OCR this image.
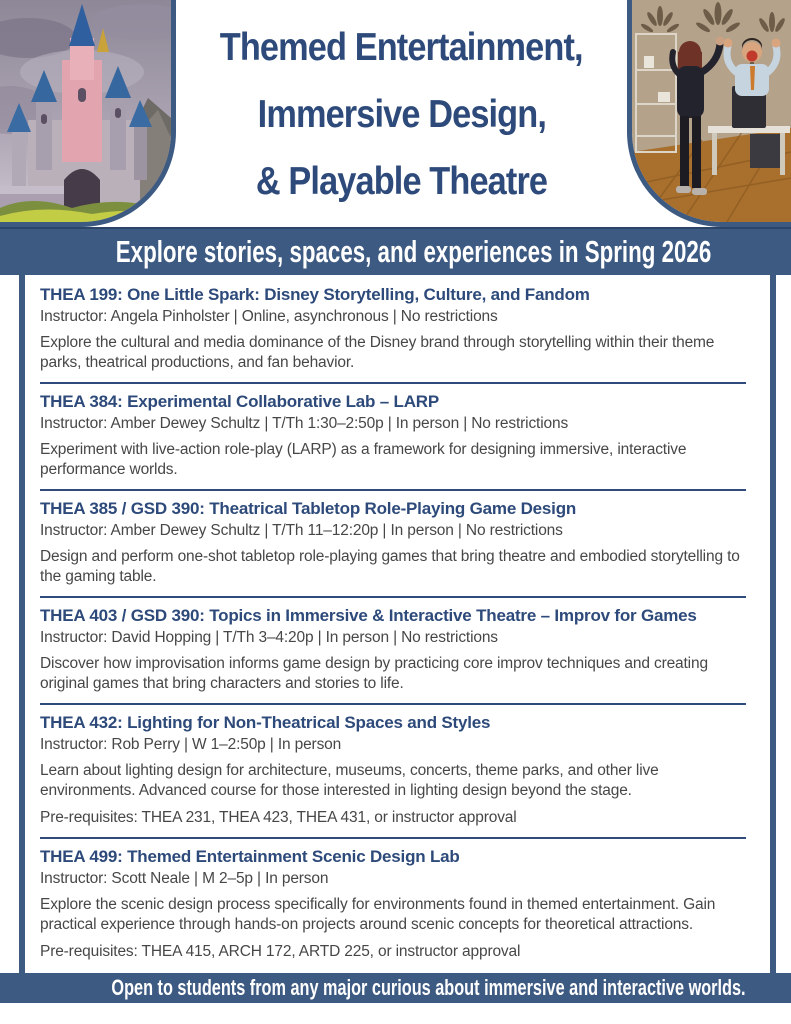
Themed Entertainment,
Immersive Design,
& Playable Theatre
Explore stories, spaces, and experiences in Spring 2026
THEA 199: One Little Spark: Disney Storytelling, Culture, and Fandom
Instructor: Angela Pinholster | Online, asynchronous | No restrictions

Explore the cultural and media dominance of the Disney brand through storytelling within their theme parks, theatrical productions, and fan behavior.

THEA 384: Experimental Collaborative Lab – LARP
Instructor: Amber Dewey Schultz | T/Th 1:30–2:50p | In person | No restrictions

Experiment with live-action role-play (LARP) as a framework for designing immersive, interactive performance worlds.

THEA 385 / GSD 390: Theatrical Tabletop Role-Playing Game Design
Instructor: Amber Dewey Schultz | T/Th 11–12:20p | In person | No restrictions

Design and perform one-shot tabletop role-playing games that bring theatre and embodied storytelling to the gaming table.

THEA 403 / GSD 390: Topics in Immersive & Interactive Theatre – Improv for Games
Instructor: David Hopping | T/Th 3–4:20p | In person | No restrictions

Discover how improvisation informs game design by practicing core improv techniques and creating original games that bring characters and stories to life.

THEA 432: Lighting for Non-Theatrical Spaces and Styles
Instructor: Rob Perry | W 1–2:50p | In person

Learn about lighting design for architecture, museums, concerts, theme parks, and other live environments. Advanced course for those interested in lighting design beyond the stage.

Pre-requisites: THEA 231, THEA 423, THEA 431, or instructor approval

THEA 499: Themed Entertainment Scenic Design Lab
Instructor: Scott Neale | M 2–5p | In person

Explore the scenic design process specifically for environments found in themed entertainment. Gain practical experience through hands-on projects around scenic concepts for theoretical attractions.

Pre-requisites: THEA 415, ARCH 172, ARTD 225, or instructor approval

Open to students from any major curious about immersive and interactive worlds.
